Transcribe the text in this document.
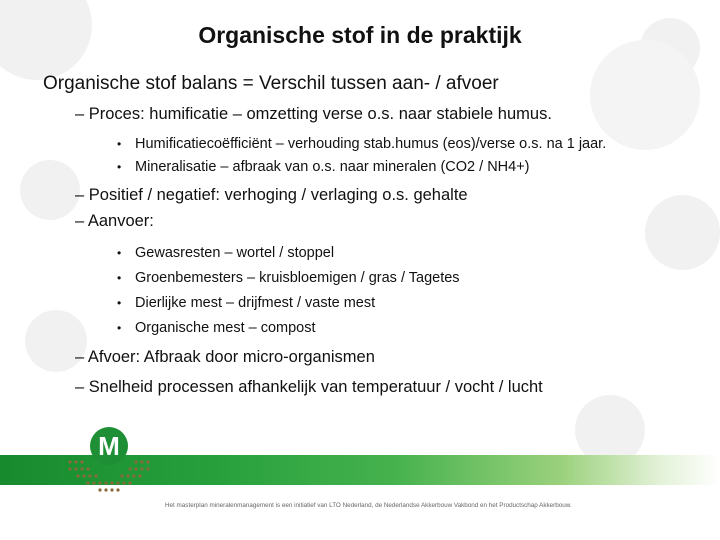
Organische stof in de praktijk
Organische stof balans = Verschil tussen aan- / afvoer
– Proces: humificatie – omzetting verse o.s. naar stabiele humus.
• Humificatiecoëfficiënt – verhouding stab.humus (eos)/verse o.s. na 1 jaar.
• Mineralisatie – afbraak van o.s. naar mineralen (CO2 / NH4+)
– Positief / negatief: verhoging / verlaging o.s. gehalte
– Aanvoer:
• Gewasresten – wortel / stoppel
• Groenbemesters – kruisbloemigen / gras / Tagetes
• Dierlijke mest – drijfmest / vaste mest
• Organische mest – compost
– Afvoer: Afbraak door micro-organismen
– Snelheid processen afhankelijk van temperatuur / vocht / lucht
M
Het masterplan mineralenmanagement is een initiatief van LTO Nederland, de Nederlandse Akkerbouw Vakbond en het Productschap Akkerbouw.
